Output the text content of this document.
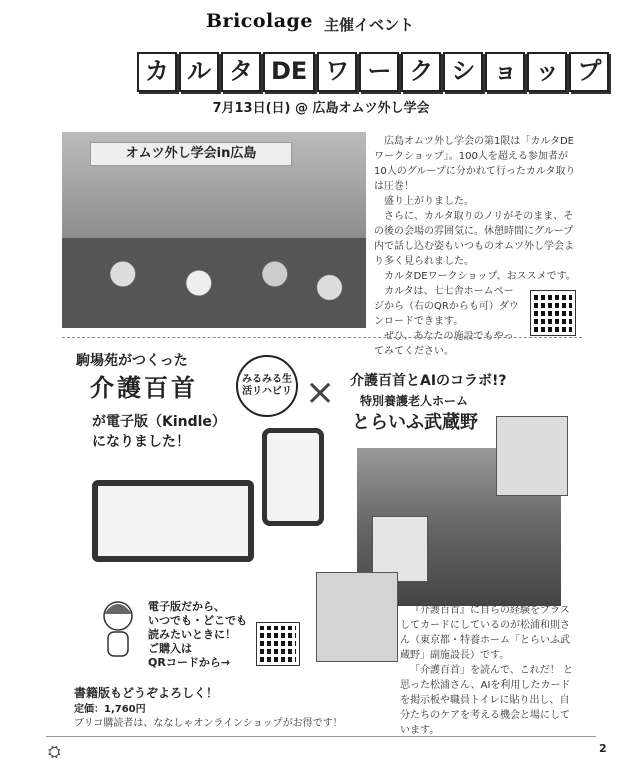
Bricolage 主催イベント
カ ル タ DE ワ ー ク シ ョ ッ プ
7月13日(日) @ 広島オムツ外し学会
オムツ外し学会in広島

広島オムツ外し学会の第1限は「カルタDEワークショップ」。100人を超える参加者が10人のグループに分かれて行ったカルタ取りは圧巻！

盛り上がりました。

さらに、カルタ取りのノリがそのまま、その後の会場の雰囲気に。休憩時間にグループ内で話し込む姿もいつものオムツ外し学会より多く見られました。

カルタDEワークショップ、おススメです。

カルタは、七七舎ホームページから（右のQRからも可）ダウンロードできます。

ぜひ、あなたの施設でもやってみてください。

駒場苑がつくった
介護百首	みるみる生活リハビリ
が電子版（Kindle）
になりました！
× 介護百首とAIのコラボ!?
特別養護老人ホーム
とらいふ武蔵野
電子版だから、
いつでも・どこでも
読みたいときに！
ご購入は
QRコードから→
書籍版もどうぞよろしく！
定価：1,760円
ブリコ購読者は、ななしゃオンラインショップがお得です！

『介護百首』に自らの経験をプラスしてカードにしているのが松浦和則さん（東京都・特養ホーム「とらいふ武蔵野」副施設長）です。

「介護百首」を読んで、これだ！ と思った松浦さん、AIを利用したカードを掲示板や職員トイレに貼り出し、自分たちのケアを考える機会と場にしています。

⛭	2
